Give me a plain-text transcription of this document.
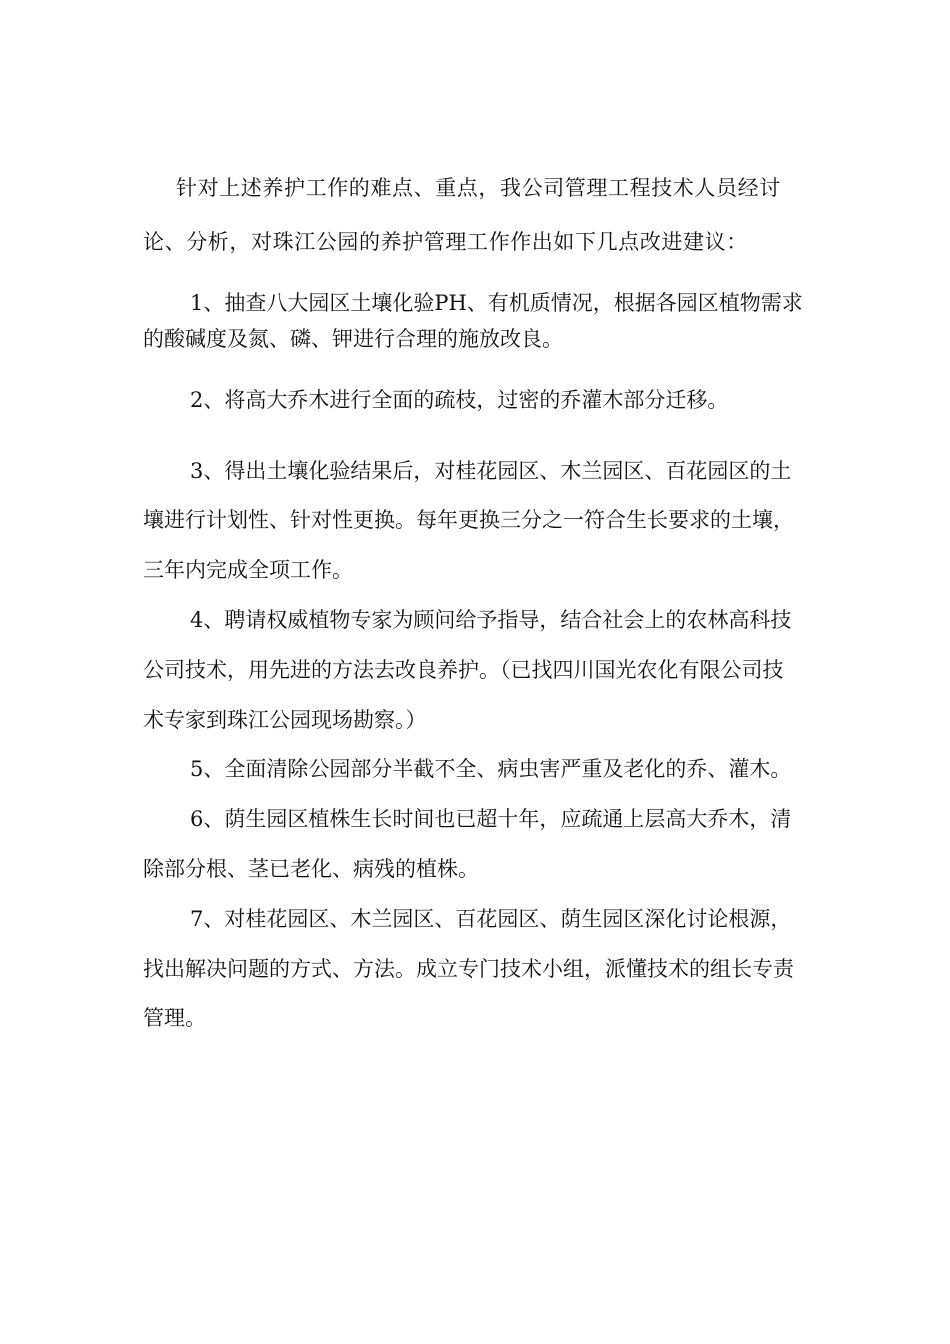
针对上述养护工作的难点、重点，我公司管理工程技术人员经讨
论、分析，对珠江公园的养护管理工作作出如下几点改进建议：
1、抽查八大园区土壤化验PH、有机质情况，根据各园区植物需求
的酸碱度及氮、磷、钾进行合理的施放改良。
2、将高大乔木进行全面的疏枝，过密的乔灌木部分迁移。
3、得出土壤化验结果后，对桂花园区、木兰园区、百花园区的土
壤进行计划性、针对性更换。每年更换三分之一符合生长要求的土壤，
三年内完成全项工作。
4、聘请权威植物专家为顾问给予指导，结合社会上的农林高科技
公司技术，用先进的方法去改良养护。（已找四川国光农化有限公司技
术专家到珠江公园现场勘察。）
5、全面清除公园部分半截不全、病虫害严重及老化的乔、灌木。
6、荫生园区植株生长时间也已超十年，应疏通上层高大乔木，清
除部分根、茎已老化、病残的植株。
7、对桂花园区、木兰园区、百花园区、荫生园区深化讨论根源，
找出解决问题的方式、方法。成立专门技术小组，派懂技术的组长专责
管理。
